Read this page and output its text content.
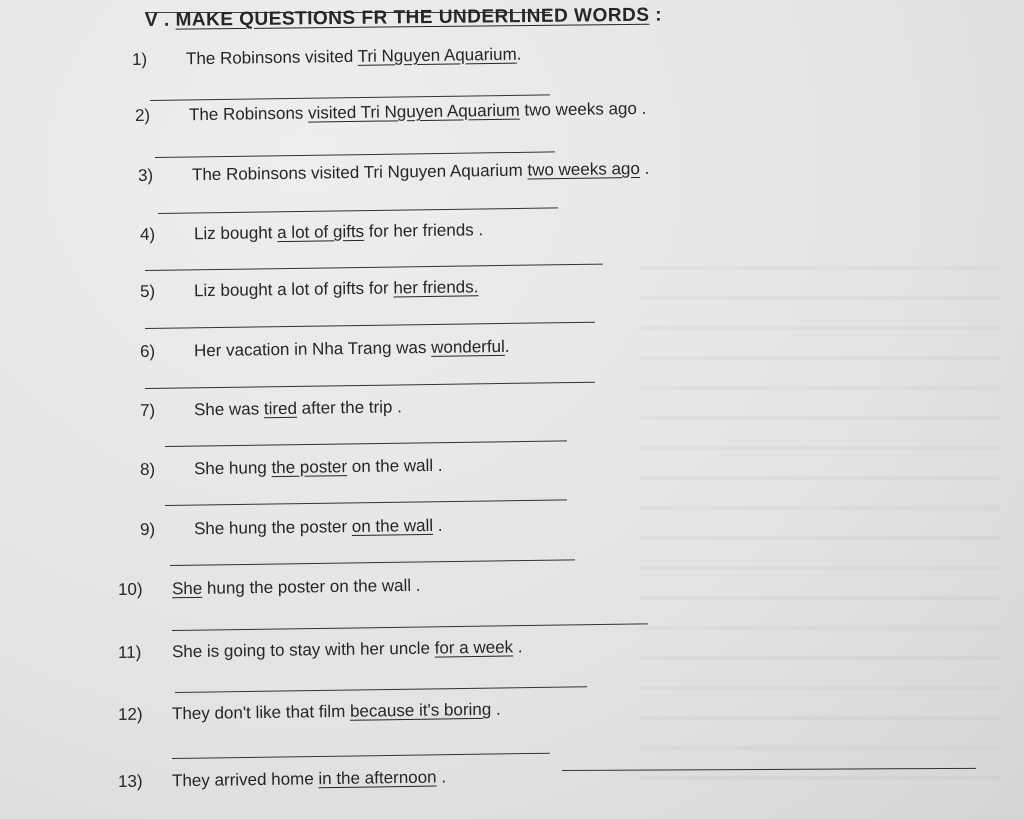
V . MAKE QUESTIONS FR THE UNDERLINED WORDS :

1) The Robinsons visited Tri Nguyen Aquarium.

2) The Robinsons visited Tri Nguyen Aquarium two weeks ago .

3) The Robinsons visited Tri Nguyen Aquarium two weeks ago .

4) Liz bought a lot of gifts for her friends .

5) Liz bought a lot of gifts for her friends.

6) Her vacation in Nha Trang was wonderful.

7) She was tired after the trip .

8) She hung the poster on the wall .

9) She hung the poster on the wall .

10) She hung the poster on the wall .

11) She is going to stay with her uncle for a week .

12) They don't like that film because it's boring .

13) They arrived home in the afternoon .
